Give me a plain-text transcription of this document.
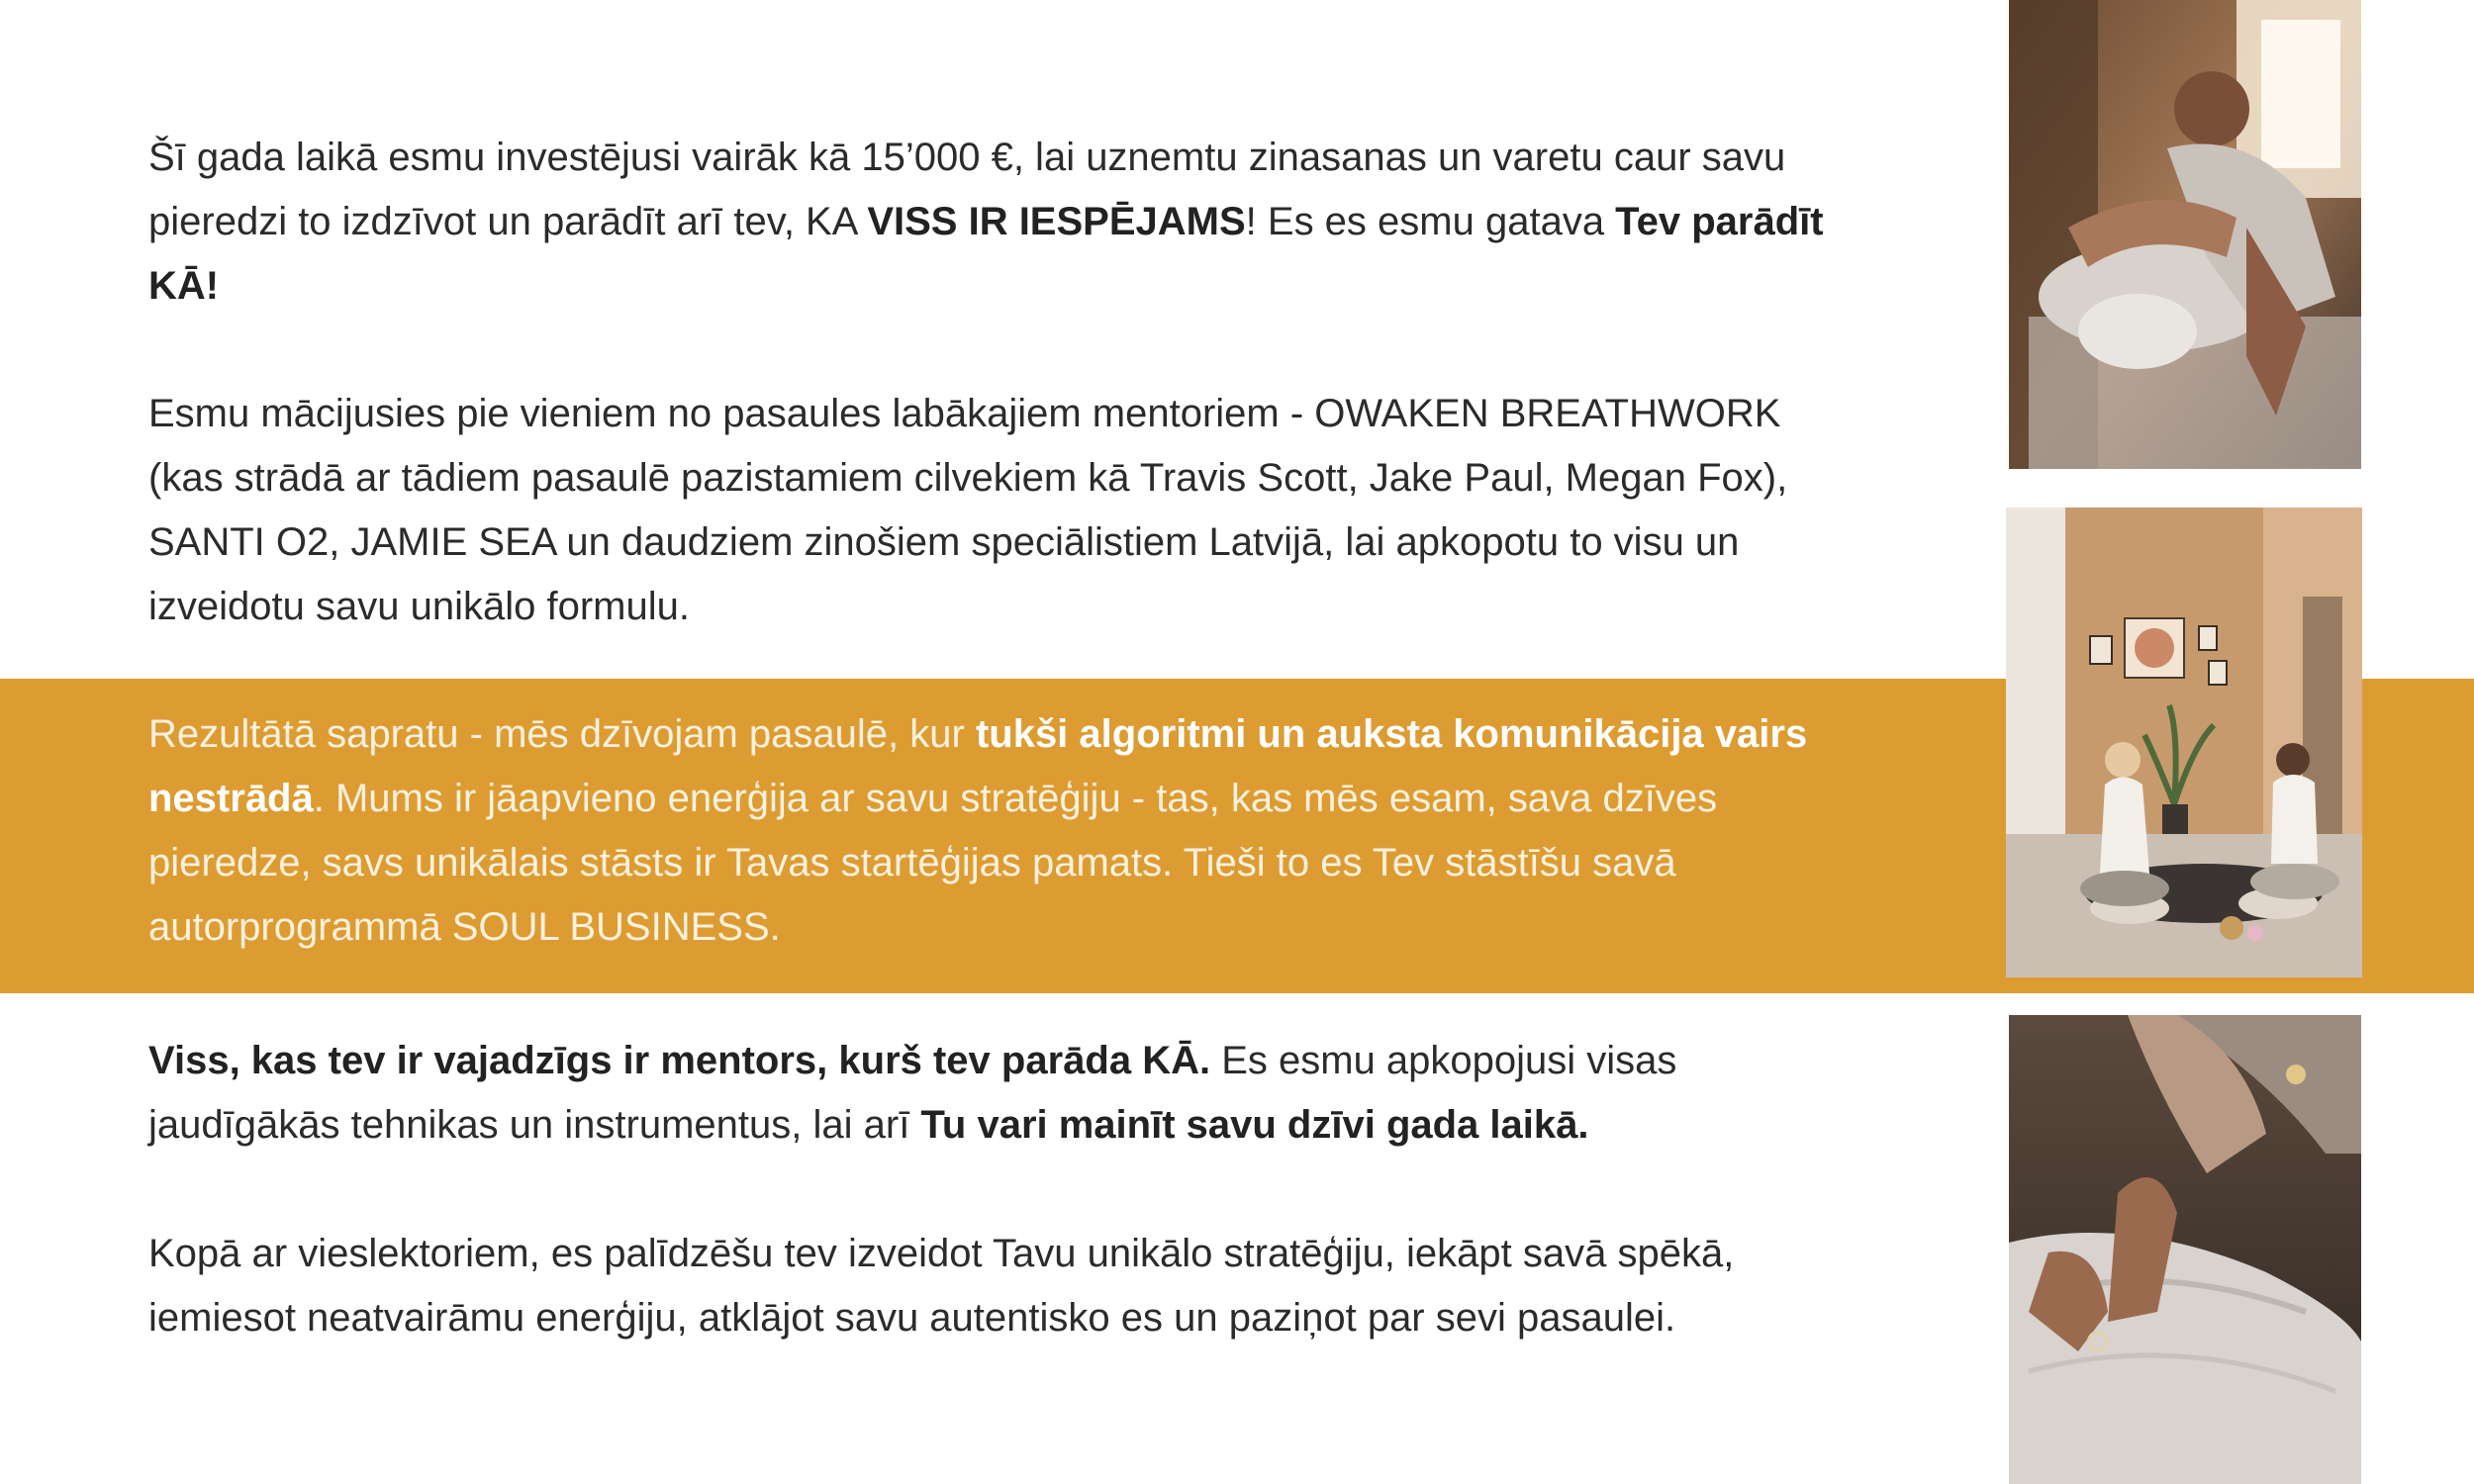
Šī gada laikā esmu investējusi vairāk kā 15’000 €, lai uznemtu zinasanas un varetu caur savu pieredzi to izdzīvot un parādīt arī tev, KA VISS IR IESPĒJAMS! Es es esmu gatava Tev parādīt KĀ!

Esmu mācijusies pie vieniem no pasaules labākajiem mentoriem - OWAKEN BREATHWORK (kas strādā ar tādiem pasaulē pazistamiem cilvekiem kā Travis Scott, Jake Paul, Megan Fox), SANTI O2, JAMIE SEA un daudziem zinošiem speciālistiem Latvijā, lai apkopotu to visu un izveidotu savu unikālo formulu.

Rezultātā sapratu - mēs dzīvojam pasaulē, kur tukši algoritmi un auksta komunikācija vairs nestrādā. Mums ir jāapvieno enerģija ar savu stratēģiju - tas, kas mēs esam, sava dzīves pieredze, savs unikālais stāsts ir Tavas startēģijas pamats. Tieši to es Tev stāstīšu savā autorprogrammā SOUL BUSINESS.

Viss, kas tev ir vajadzīgs ir mentors, kurš tev parāda KĀ. Es esmu apkopojusi visas jaudīgākās tehnikas un instrumentus, lai arī Tu vari mainīt savu dzīvi gada laikā.

Kopā ar vieslektoriem, es palīdzēšu tev izveidot Tavu unikālo stratēģiju, iekāpt savā spēkā, iemiesot neatvairāmu enerģiju, atklājot savu autentisko es un paziņot par sevi pasaulei.
